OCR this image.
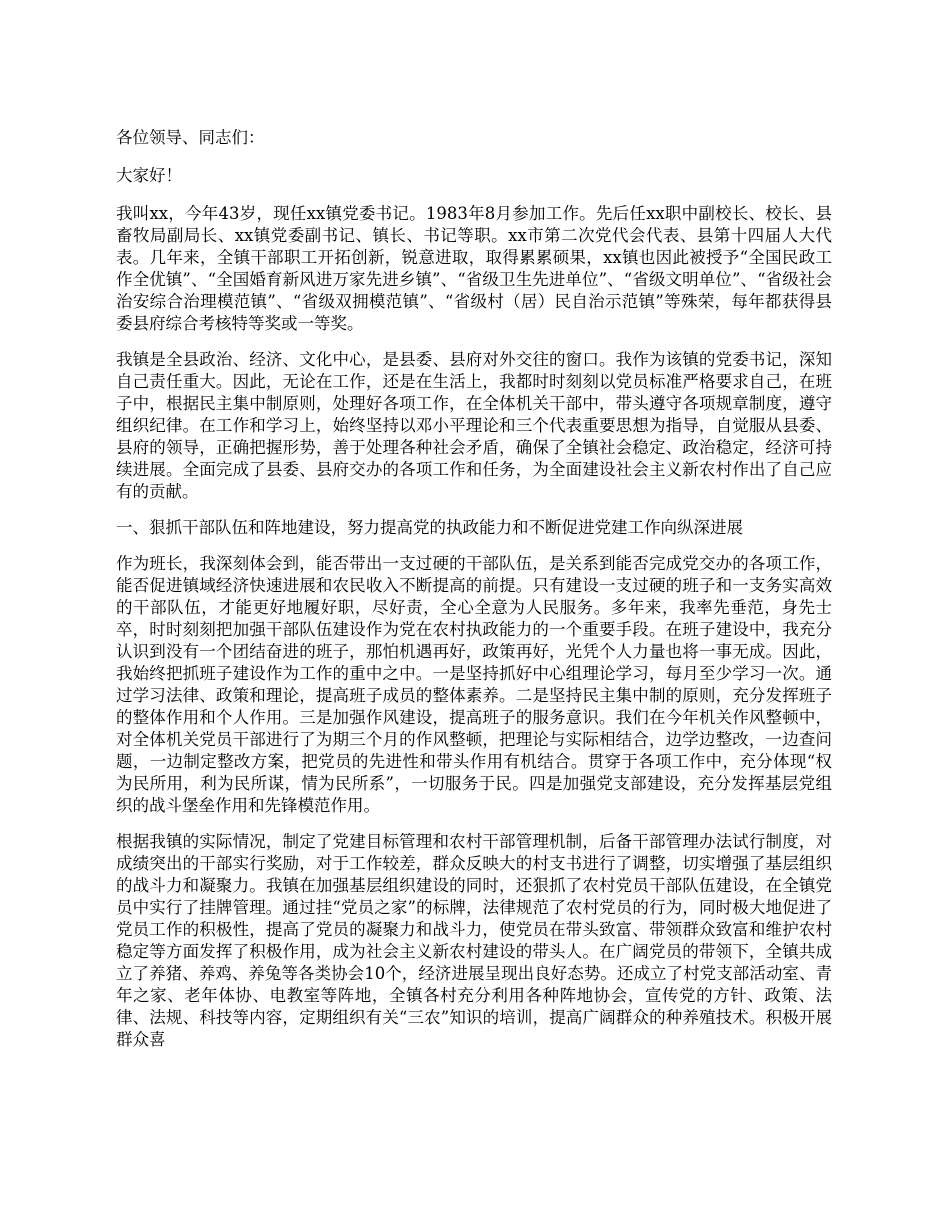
各位领导、同志们：

大家好！

我叫xx，今年43岁，现任xx镇党委书记。1983年8月参加工作。先后任xx职中副校长、校长、县畜牧局副局长、xx镇党委副书记、镇长、书记等职。xx市第二次党代会代表、县第十四届人大代表。几年来，全镇干部职工开拓创新，锐意进取，取得累累硕果，xx镇也因此被授予“全国民政工作全优镇”、“全国婚育新风进万家先进乡镇”、“省级卫生先进单位”、“省级文明单位”、“省级社会治安综合治理模范镇”、“省级双拥模范镇”、“省级村（居）民自治示范镇”等殊荣，每年都获得县委县府综合考核特等奖或一等奖。

我镇是全县政治、经济、文化中心，是县委、县府对外交往的窗口。我作为该镇的党委书记，深知自己责任重大。因此，无论在工作，还是在生活上，我都时时刻刻以党员标准严格要求自己，在班子中，根据民主集中制原则，处理好各项工作，在全体机关干部中，带头遵守各项规章制度，遵守组织纪律。在工作和学习上，始终坚持以邓小平理论和三个代表重要思想为指导，自觉服从县委、县府的领导，正确把握形势，善于处理各种社会矛盾，确保了全镇社会稳定、政治稳定，经济可持续进展。全面完成了县委、县府交办的各项工作和任务，为全面建设社会主义新农村作出了自己应有的贡献。

一、狠抓干部队伍和阵地建设，努力提高党的执政能力和不断促进党建工作向纵深进展

作为班长，我深刻体会到，能否带出一支过硬的干部队伍，是关系到能否完成党交办的各项工作，能否促进镇域经济快速进展和农民收入不断提高的前提。只有建设一支过硬的班子和一支务实高效的干部队伍，才能更好地履好职，尽好责，全心全意为人民服务。多年来，我率先垂范，身先士卒，时时刻刻把加强干部队伍建设作为党在农村执政能力的一个重要手段。在班子建设中，我充分认识到没有一个团结奋进的班子，那怕机遇再好，政策再好，光凭个人力量也将一事无成。因此，我始终把抓班子建设作为工作的重中之中。一是坚持抓好中心组理论学习，每月至少学习一次。通过学习法律、政策和理论，提高班子成员的整体素养。二是坚持民主集中制的原则，充分发挥班子的整体作用和个人作用。三是加强作风建设，提高班子的服务意识。我们在今年机关作风整顿中，对全体机关党员干部进行了为期三个月的作风整顿，把理论与实际相结合，边学边整改，一边查问题，一边制定整改方案，把党员的先进性和带头作用有机结合。贯穿于各项工作中，充分体现“权为民所用，利为民所谋，情为民所系”，一切服务于民。四是加强党支部建设，充分发挥基层党组织的战斗堡垒作用和先锋模范作用。

根据我镇的实际情况，制定了党建目标管理和农村干部管理机制，后备干部管理办法试行制度，对成绩突出的干部实行奖励，对于工作较差，群众反映大的村支书进行了调整，切实增强了基层组织的战斗力和凝聚力。我镇在加强基层组织建设的同时，还狠抓了农村党员干部队伍建设，在全镇党员中实行了挂牌管理。通过挂“党员之家”的标牌，法律规范了农村党员的行为，同时极大地促进了党员工作的积极性，提高了党员的凝聚力和战斗力，使党员在带头致富、带领群众致富和维护农村稳定等方面发挥了积极作用，成为社会主义新农村建设的带头人。在广阔党员的带领下，全镇共成立了养猪、养鸡、养兔等各类协会10个，经济进展呈现出良好态势。还成立了村党支部活动室、青年之家、老年体协、电教室等阵地，全镇各村充分利用各种阵地协会，宣传党的方针、政策、法律、法规、科技等内容，定期组织有关“三农”知识的培训，提高广阔群众的种养殖技术。积极开展群众喜
